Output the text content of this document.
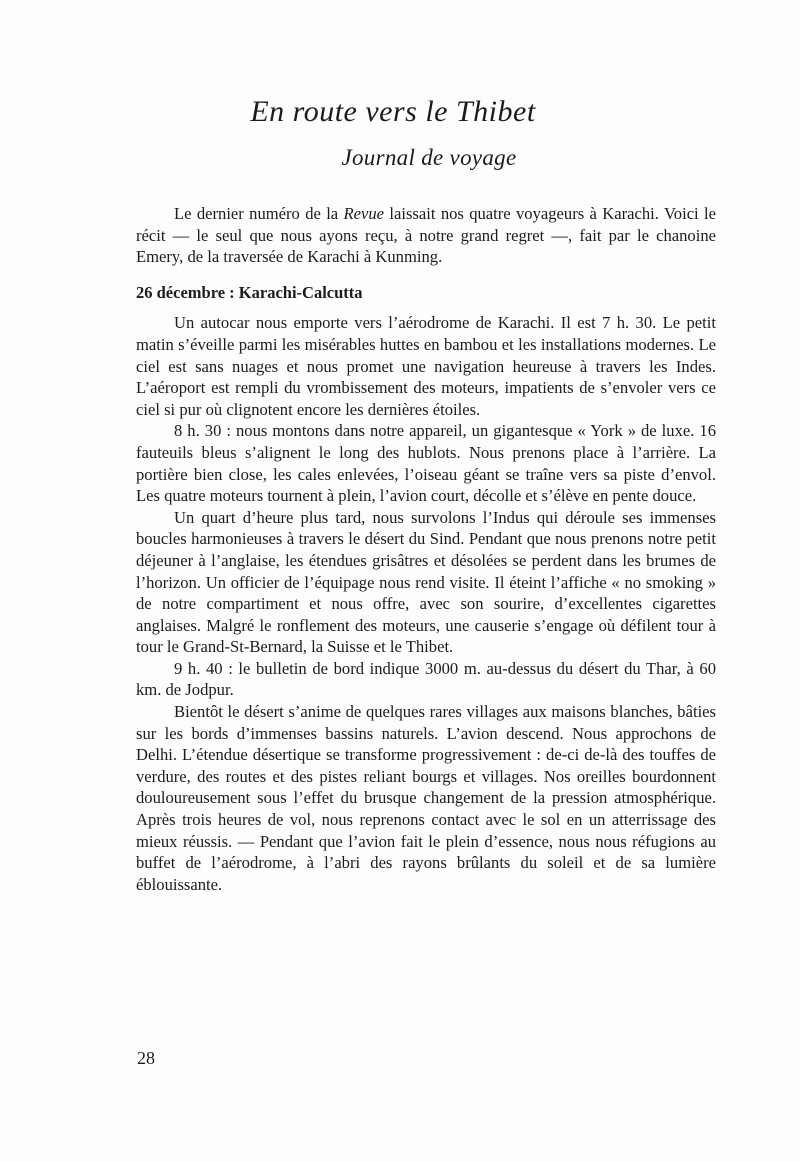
En route vers le Thibet
Journal de voyage

Le dernier numéro de la Revue laissait nos quatre voyageurs à Karachi. Voici le récit — le seul que nous ayons reçu, à notre grand regret —, fait par le chanoine Emery, de la traversée de Karachi à Kunming.

26 décembre : Karachi-Calcutta

Un autocar nous emporte vers l’aérodrome de Karachi. Il est 7 h. 30. Le petit matin s’éveille parmi les misérables huttes en bambou et les installations modernes. Le ciel est sans nuages et nous promet une navigation heureuse à travers les Indes. L’aéroport est rempli du vrombissement des moteurs, impatients de s’envoler vers ce ciel si pur où clignotent encore les dernières étoiles.

8 h. 30 : nous montons dans notre appareil, un gigantesque « York » de luxe. 16 fauteuils bleus s’alignent le long des hublots. Nous prenons place à l’arrière. La portière bien close, les cales enlevées, l’oiseau géant se traîne vers sa piste d’envol. Les quatre moteurs tournent à plein, l’avion court, décolle et s’élève en pente douce.

Un quart d’heure plus tard, nous survolons l’Indus qui déroule ses immenses boucles harmonieuses à travers le désert du Sind. Pendant que nous prenons notre petit déjeuner à l’anglaise, les étendues grisâtres et désolées se perdent dans les brumes de l’horizon. Un officier de l’équipage nous rend visite. Il éteint l’affiche « no smoking » de notre compartiment et nous offre, avec son sourire, d’excellentes cigarettes anglaises. Malgré le ronflement des moteurs, une causerie s’engage où défilent tour à tour le Grand-St-Bernard, la Suisse et le Thibet.

9 h. 40 : le bulletin de bord indique 3000 m. au-dessus du désert du Thar, à 60 km. de Jodpur.

Bientôt le désert s’anime de quelques rares villages aux maisons blanches, bâties sur les bords d’immenses bassins naturels. L’avion descend. Nous approchons de Delhi. L’étendue désertique se transforme progressivement : de-ci de-là des touffes de verdure, des routes et des pistes reliant bourgs et villages. Nos oreilles bourdonnent douloureusement sous l’effet du brusque changement de la pression atmosphérique. Après trois heures de vol, nous reprenons contact avec le sol en un atterrissage des mieux réussis. — Pendant que l’avion fait le plein d’essence, nous nous réfugions au buffet de l’aérodrome, à l’abri des rayons brûlants du soleil et de sa lumière éblouissante.

28
